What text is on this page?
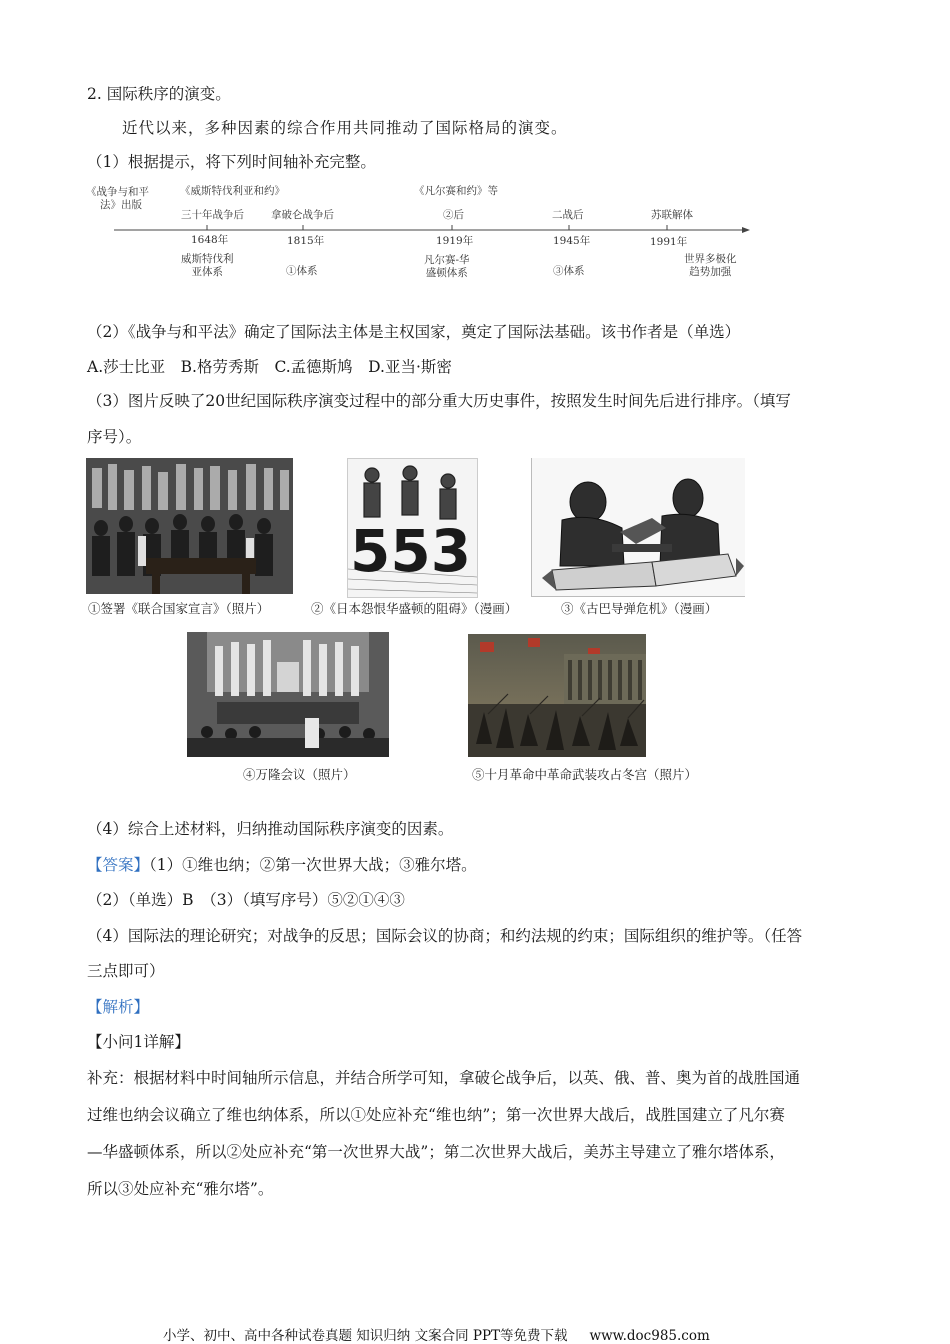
2. 国际秩序的演变。
近代以来，多种因素的综合作用共同推动了国际格局的演变。
（1）根据提示，将下列时间轴补充完整。
《战争与和平
法》出版
《威斯特伐利亚和约》	《凡尔赛和约》等
三十年战争后	拿破仑战争后	②后	二战后	苏联解体
1648年	1815年	1919年	1945年	1991年
威斯特伐利
亚体系	①体系
凡尔赛-华
盛顿体系	③体系
世界多极化
趋势加强
（2）《战争与和平法》确定了国际法主体是主权国家，奠定了国际法基础。该书作者是（单选）
A.莎士比亚　B.格劳秀斯　C.孟德斯鸠　D.亚当·斯密
（3）图片反映了20世纪国际秩序演变过程中的部分重大历史事件，按照发生时间先后进行排序。（填写
序号）。
553
①签署《联合国家宣言》（照片）	②《日本怨恨华盛顿的阻碍》（漫画）	③《古巴导弹危机》（漫画）
④万隆会议（照片）	⑤十月革命中革命武装攻占冬宫（照片）
（4）综合上述材料，归纳推动国际秩序演变的因素。
【答案】（1）①维也纳；②第一次世界大战；③雅尔塔。
（2）（单选）B　（3）（填写序号）⑤②①④③
（4）国际法的理论研究；对战争的反思；国际会议的协商；和约法规的约束；国际组织的维护等。（任答
三点即可）
【解析】
【小问1详解】
补充：根据材料中时间轴所示信息，并结合所学可知，拿破仑战争后，以英、俄、普、奥为首的战胜国通
过维也纳会议确立了维也纳体系，所以①处应补充“维也纳”；第一次世界大战后，战胜国建立了凡尔赛
—华盛顿体系，所以②处应补充“第一次世界大战”；第二次世界大战后，美苏主导建立了雅尔塔体系，
所以③处应补充“雅尔塔”。
小学、初中、高中各种试卷真题 知识归纳 文案合同 PPT等免费下载 www.doc985.com
